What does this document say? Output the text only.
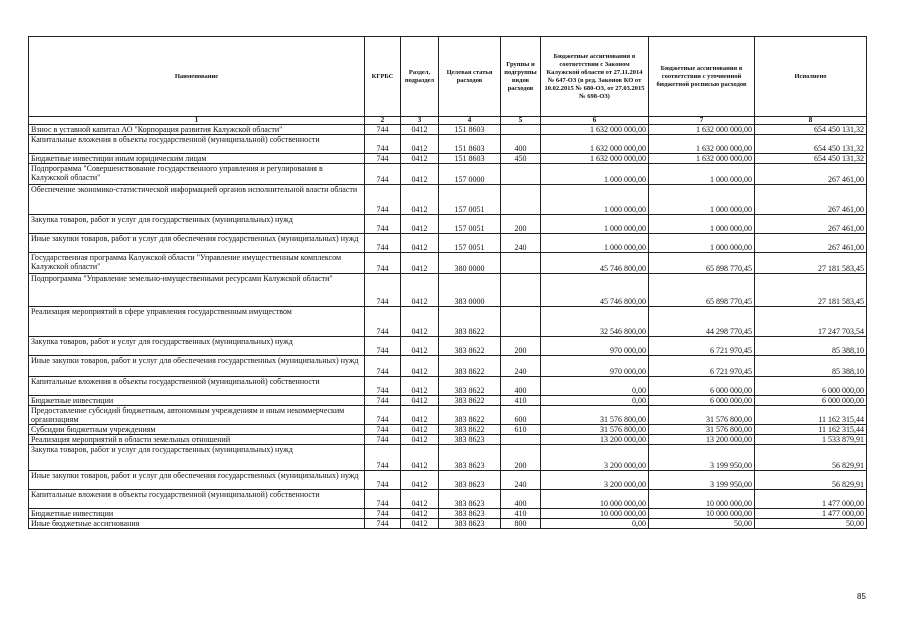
Наименование	КГРБС	Раздел, подраздел	Целевая статья расходов	Группы и подгруппы видов расходов	Бюджетные ассигнования в соответствии с Законом Калужской области от 27.11.2014 № 647-ОЗ (в ред. Законов КО от 10.02.2015 № 680-ОЗ, от 27.03.2015 № 698-ОЗ)	Бюджетные ассигнования в соответствии с уточненной бюджетной росписью расходов	Исполнено
1	2	3	4	5	6	7	8
Взнос в уставной капитал АО "Корпорация развития Калужской области"	744	0412	151 8603		1 632 000 000,00	1 632 000 000,00	654 450 131,32
Капитальные вложения в объекты государственной (муниципальной) собственности	744	0412	151 8603	400	1 632 000 000,00	1 632 000 000,00	654 450 131,32
Бюджетные инвестиции иным юридическим лицам	744	0412	151 8603	450	1 632 000 000,00	1 632 000 000,00	654 450 131,32
Подпрограмма "Совершенствование государственного управления и регулирования в Калужской области"	744	0412	157 0000		1 000 000,00	1 000 000,00	267 461,00
Обеспечение экономико-статистической информацией органов исполнительной власти области	744	0412	157 0051		1 000 000,00	1 000 000,00	267 461,00
Закупка товаров, работ и услуг для государственных (муниципальных) нужд	744	0412	157 0051	200	1 000 000,00	1 000 000,00	267 461,00
Иные закупки товаров, работ и услуг для обеспечения государственных (муниципальных) нужд	744	0412	157 0051	240	1 000 000,00	1 000 000,00	267 461,00
Государственная программа Калужской области "Управление имущественным комплексом Калужской области"	744	0412	380 0000		45 746 800,00	65 898 770,45	27 181 583,45
Подпрограмма "Управление земельно-имущественными ресурсами Калужской области"	744	0412	383 0000		45 746 800,00	65 898 770,45	27 181 583,45
Реализация мероприятий в сфере управления государственным имуществом	744	0412	383 8622		32 546 800,00	44 298 770,45	17 247 703,54
Закупка товаров, работ и услуг для государственных (муниципальных) нужд	744	0412	383 8622	200	970 000,00	6 721 970,45	85 388,10
Иные закупки товаров, работ и услуг для обеспечения государственных (муниципальных) нужд	744	0412	383 8622	240	970 000,00	6 721 970,45	85 388,10
Капитальные вложения в объекты государственной (муниципальной) собственности	744	0412	383 8622	400	0,00	6 000 000,00	6 000 000,00
Бюджетные инвестиции	744	0412	383 8622	410	0,00	6 000 000,00	6 000 000,00
Предоставление субсидий бюджетным, автономным учреждениям и иным некоммерческим организациям	744	0412	383 8622	600	31 576 800,00	31 576 800,00	11 162 315,44
Субсидии бюджетным учреждениям	744	0412	383 8622	610	31 576 800,00	31 576 800,00	11 162 315,44
Реализация мероприятий в области земельных отношений	744	0412	383 8623		13 200 000,00	13 200 000,00	1 533 879,91
Закупка товаров, работ и услуг для государственных (муниципальных) нужд	744	0412	383 8623	200	3 200 000,00	3 199 950,00	56 829,91
Иные закупки товаров, работ и услуг для обеспечения государственных (муниципальных) нужд	744	0412	383 8623	240	3 200 000,00	3 199 950,00	56 829,91
Капитальные вложения в объекты государственной (муниципальной) собственности	744	0412	383 8623	400	10 000 000,00	10 000 000,00	1 477 000,00
Бюджетные инвестиции	744	0412	383 8623	410	10 000 000,00	10 000 000,00	1 477 000,00
Иные бюджетные ассигнования	744	0412	383 8623	800	0,00	50,00	50,00
85
